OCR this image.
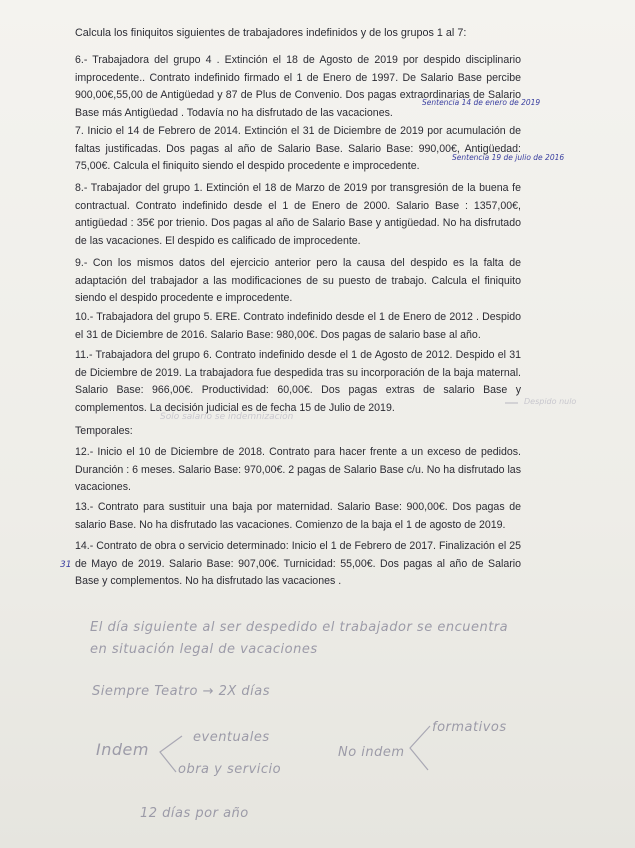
Calcula los finiquitos siguientes de trabajadores indefinidos y de los grupos 1 al 7:

6.- Trabajadora del grupo 4 . Extinción el 18 de Agosto de 2019 por despido disciplinario improcedente.. Contrato indefinido firmado el 1 de Enero de 1997. De Salario Base percibe 900,00€,55,00 de Antigüedad y 87 de Plus de Convenio. Dos pagas extraordinarias de Salario Base más Antigüedad . Todavía no ha disfrutado de las vacaciones.

7. Inicio el 14 de Febrero de 2014. Extinción el 31 de Diciembre de 2019 por acumulación de faltas justificadas. Dos pagas al año de Salario Base. Salario Base: 990,00€, Antigüedad: 75,00€. Calcula el finiquito siendo el despido procedente e improcedente.

8.- Trabajador del grupo 1. Extinción el 18 de Marzo de 2019 por transgresión de la buena fe contractual. Contrato indefinido desde el 1 de Enero de 2000. Salario Base : 1357,00€, antigüedad : 35€ por trienio. Dos pagas al año de Salario Base y antigüedad. No ha disfrutado de las vacaciones. El despido es calificado de improcedente.

9.- Con los mismos datos del ejercicio anterior pero la causa del despido es la falta de adaptación del trabajador a las modificaciones de su puesto de trabajo. Calcula el finiquito siendo el despido procedente e improcedente.

10.- Trabajadora del grupo 5. ERE. Contrato indefinido desde el 1 de Enero de 2012 . Despido el 31 de Diciembre de 2016. Salario Base: 980,00€. Dos pagas de salario base al año.

11.- Trabajadora del grupo 6. Contrato indefinido desde el 1 de Agosto de 2012. Despido el 31 de Diciembre de 2019. La trabajadora fue despedida tras su incorporación de la baja maternal. Salario Base: 966,00€. Productividad: 60,00€. Dos pagas extras de salario Base y complementos. La decisión judicial es de fecha 15 de Julio de 2019.

Temporales:

12.- Inicio el 10 de Diciembre de 2018. Contrato para hacer frente a un exceso de pedidos. Duranción : 6 meses. Salario Base: 970,00€. 2 pagas de Salario Base c/u. No ha disfrutado las vacaciones.

13.- Contrato para sustituir una baja por maternidad. Salario Base: 900,00€. Dos pagas de salario Base. No ha disfrutado las vacaciones. Comienzo de la baja el 1 de agosto de 2019.

14.- Contrato de obra o servicio determinado: Inicio el 1 de Febrero de 2017. Finalización el 25 de Mayo de 2019. Salario Base: 907,00€. Turnicidad: 55,00€. Dos pagas al año de Salario Base y complementos. No ha disfrutado las vacaciones .

Sentencia 14 de enero de 2019
Sentencia 19 de julio de 2016
31
Despido nulo
Solo salario se indemnización
El día siguiente al ser despedido el trabajador se encuentra
en situación legal de vacaciones
Siempre Teatro → 2X días
Indem
eventuales
obra y servicio
No indem
formativos
12 días por año
